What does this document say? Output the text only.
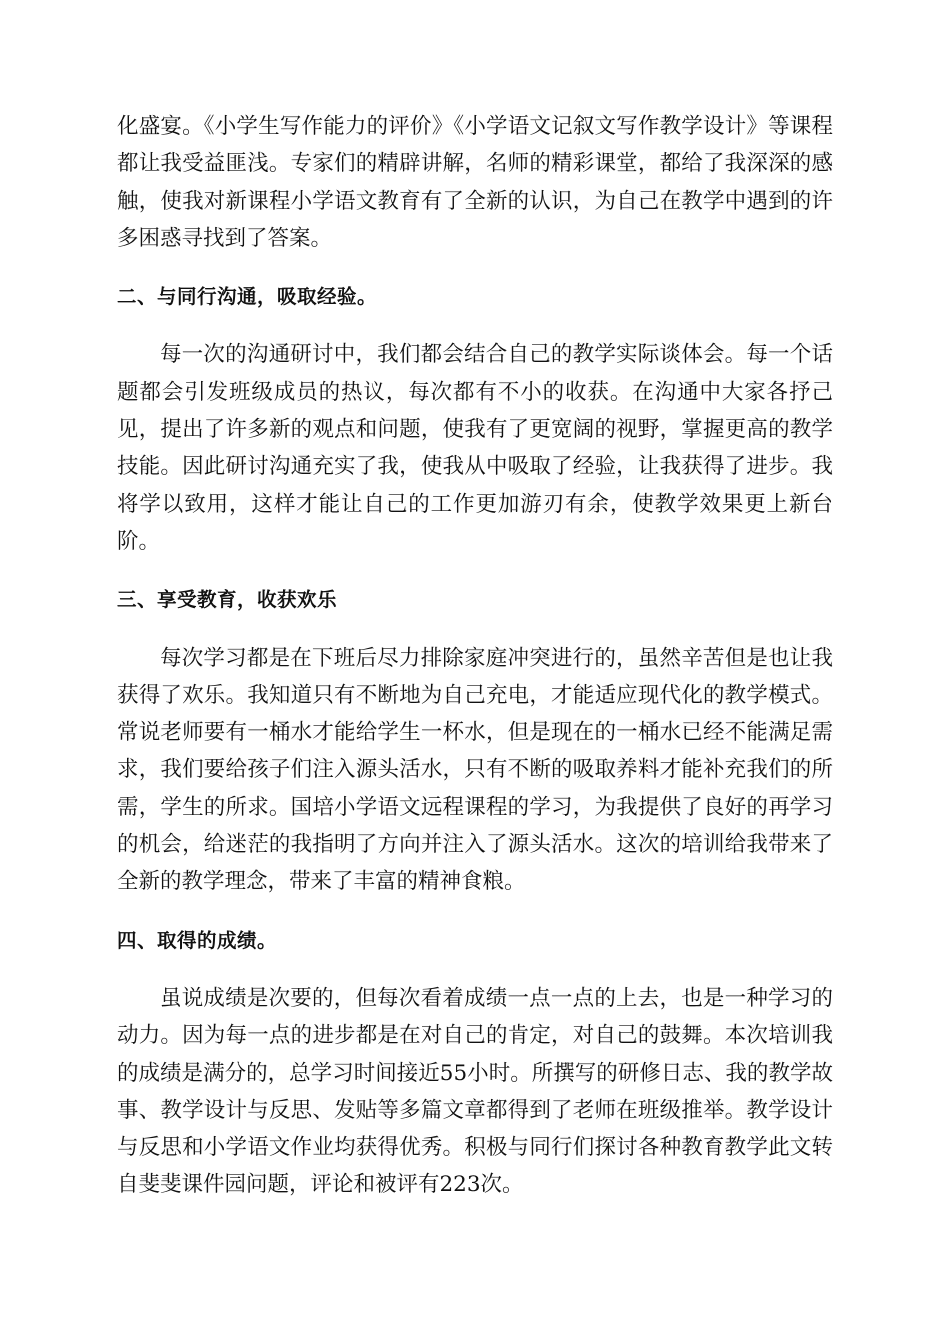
化盛宴。《小学生写作能力的评价》《小学语文记叙文写作教学设计》等课程都让我受益匪浅。专家们的精辟讲解，名师的精彩课堂，都给了我深深的感触，使我对新课程小学语文教育有了全新的认识，为自己在教学中遇到的许多困惑寻找到了答案。

二、与同行沟通，吸取经验。

每一次的沟通研讨中，我们都会结合自己的教学实际谈体会。每一个话题都会引发班级成员的热议，每次都有不小的收获。在沟通中大家各抒己见，提出了许多新的观点和问题，使我有了更宽阔的视野，掌握更高的教学技能。因此研讨沟通充实了我，使我从中吸取了经验，让我获得了进步。我将学以致用，这样才能让自己的工作更加游刃有余，使教学效果更上新台阶。

三、享受教育，收获欢乐

每次学习都是在下班后尽力排除家庭冲突进行的，虽然辛苦但是也让我获得了欢乐。我知道只有不断地为自己充电，才能适应现代化的教学模式。常说老师要有一桶水才能给学生一杯水，但是现在的一桶水已经不能满足需求，我们要给孩子们注入源头活水，只有不断的吸取养料才能补充我们的所需，学生的所求。国培小学语文远程课程的学习，为我提供了良好的再学习的机会，给迷茫的我指明了方向并注入了源头活水。这次的培训给我带来了全新的教学理念，带来了丰富的精神食粮。

四、取得的成绩。

虽说成绩是次要的，但每次看着成绩一点一点的上去，也是一种学习的动力。因为每一点的进步都是在对自己的肯定，对自己的鼓舞。本次培训我的成绩是满分的，总学习时间接近55小时。所撰写的研修日志、我的教学故事、教学设计与反思、发贴等多篇文章都得到了老师在班级推举。教学设计与反思和小学语文作业均获得优秀。积极与同行们探讨各种教育教学此文转自斐斐课件园问题，评论和被评有223次。
